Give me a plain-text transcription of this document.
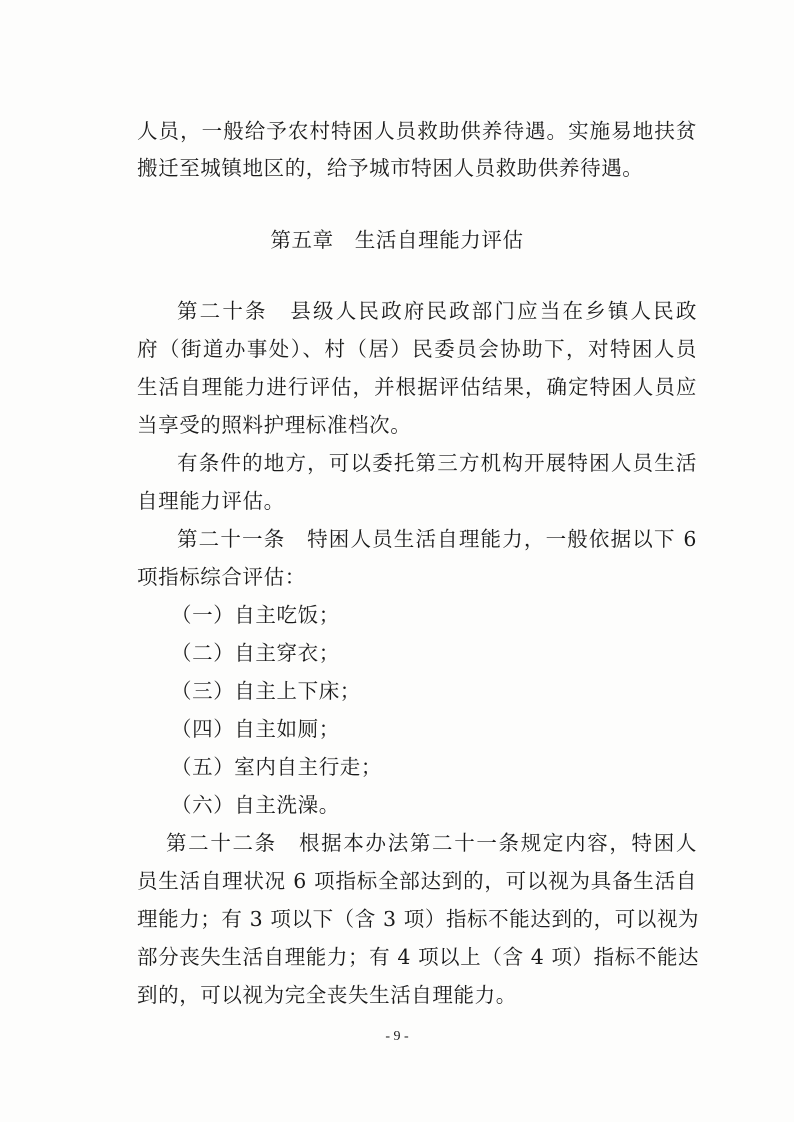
人员，一般给予农村特困人员救助供养待遇。实施易地扶贫
搬迁至城镇地区的，给予城市特困人员救助供养待遇。
第五章　生活自理能力评估
第二十条　县级人民政府民政部门应当在乡镇人民政
府（街道办事处）、村（居）民委员会协助下，对特困人员
生活自理能力进行评估，并根据评估结果，确定特困人员应
当享受的照料护理标准档次。
有条件的地方，可以委托第三方机构开展特困人员生活
自理能力评估。
第二十一条　特困人员生活自理能力，一般依据以下 6
项指标综合评估：
（一）自主吃饭；
（二）自主穿衣；
（三）自主上下床；
（四）自主如厕；
（五）室内自主行走；
（六）自主洗澡。
第二十二条　根据本办法第二十一条规定内容，特困人
员生活自理状况 6 项指标全部达到的，可以视为具备生活自
理能力；有 3 项以下（含 3 项）指标不能达到的，可以视为
部分丧失生活自理能力；有 4 项以上（含 4 项）指标不能达
到的，可以视为完全丧失生活自理能力。
- 9 -
